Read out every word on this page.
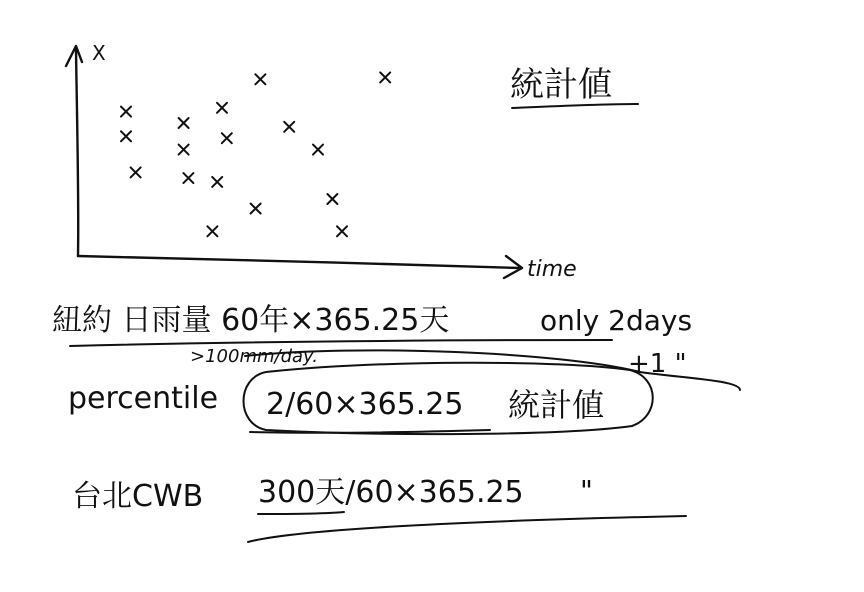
X
time
統計値
紐約 日雨量 60年×365.25天	only 2days
>100mm/day.	+1 "
percentile 2/60×365.25 統計値
台北CWB 300天/60×365.25 "
